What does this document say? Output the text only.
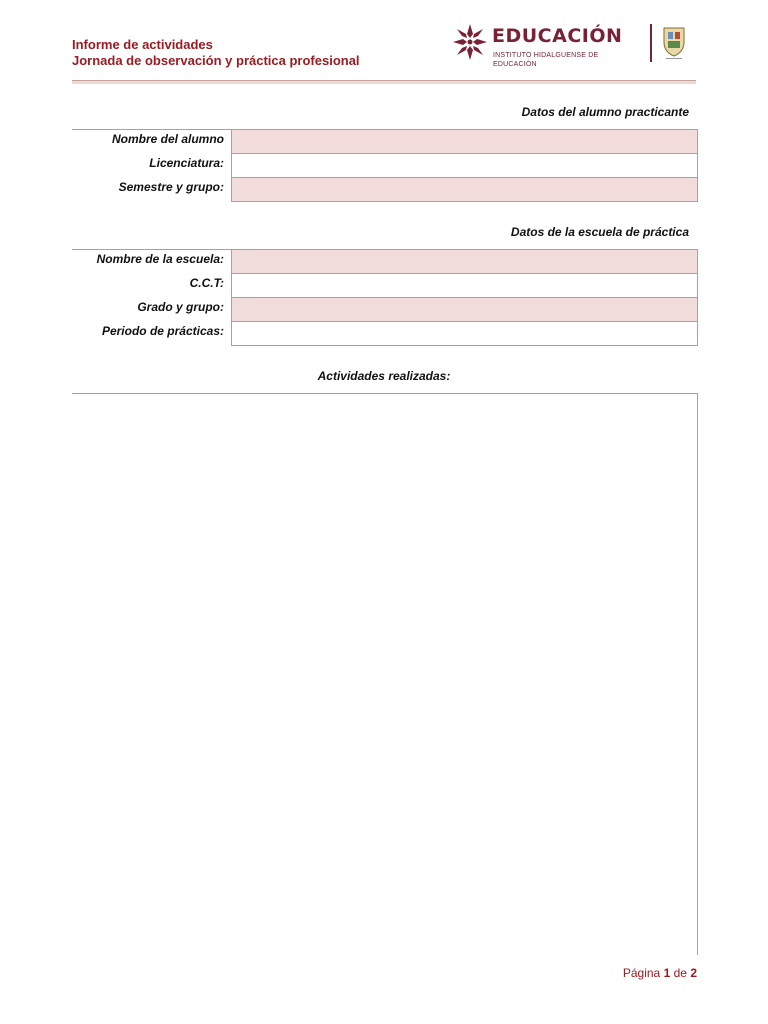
Informe de actividades
Jornada de observación y práctica profesional
EDUCACIÓN
INSTITUTO HIDALGUENSE DE EDUCACIÓN
Datos del alumno practicante
Nombre del alumno
Licenciatura:
Semestre y grupo:
Datos de la escuela de práctica
Nombre de la escuela:
C.C.T:
Grado y grupo:
Periodo de prácticas:
Actividades realizadas:
Página 1 de 2
